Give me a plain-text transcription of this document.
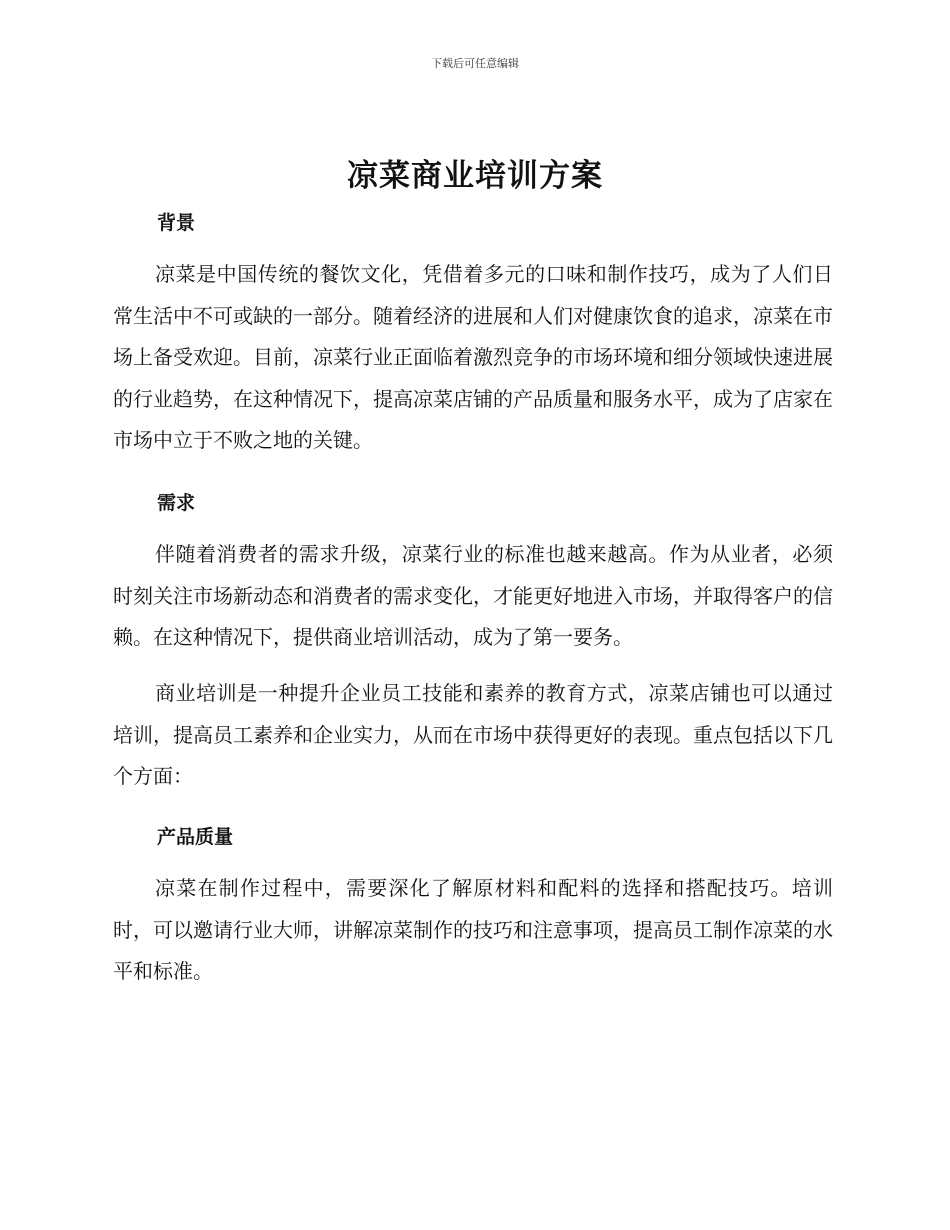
下载后可任意编辑
凉菜商业培训方案
背景

凉菜是中国传统的餐饮文化，凭借着多元的口味和制作技巧，成为了人们日常生活中不可或缺的一部分。随着经济的进展和人们对健康饮食的追求，凉菜在市场上备受欢迎。目前，凉菜行业正面临着激烈竞争的市场环境和细分领域快速进展的行业趋势，在这种情况下，提高凉菜店铺的产品质量和服务水平，成为了店家在市场中立于不败之地的关键。

需求

伴随着消费者的需求升级，凉菜行业的标准也越来越高。作为从业者，必须时刻关注市场新动态和消费者的需求变化，才能更好地进入市场，并取得客户的信赖。在这种情况下，提供商业培训活动，成为了第一要务。

商业培训是一种提升企业员工技能和素养的教育方式，凉菜店铺也可以通过培训，提高员工素养和企业实力，从而在市场中获得更好的表现。重点包括以下几个方面：

产品质量

凉菜在制作过程中，需要深化了解原材料和配料的选择和搭配技巧。培训时，可以邀请行业大师，讲解凉菜制作的技巧和注意事项，提高员工制作凉菜的水平和标准。
